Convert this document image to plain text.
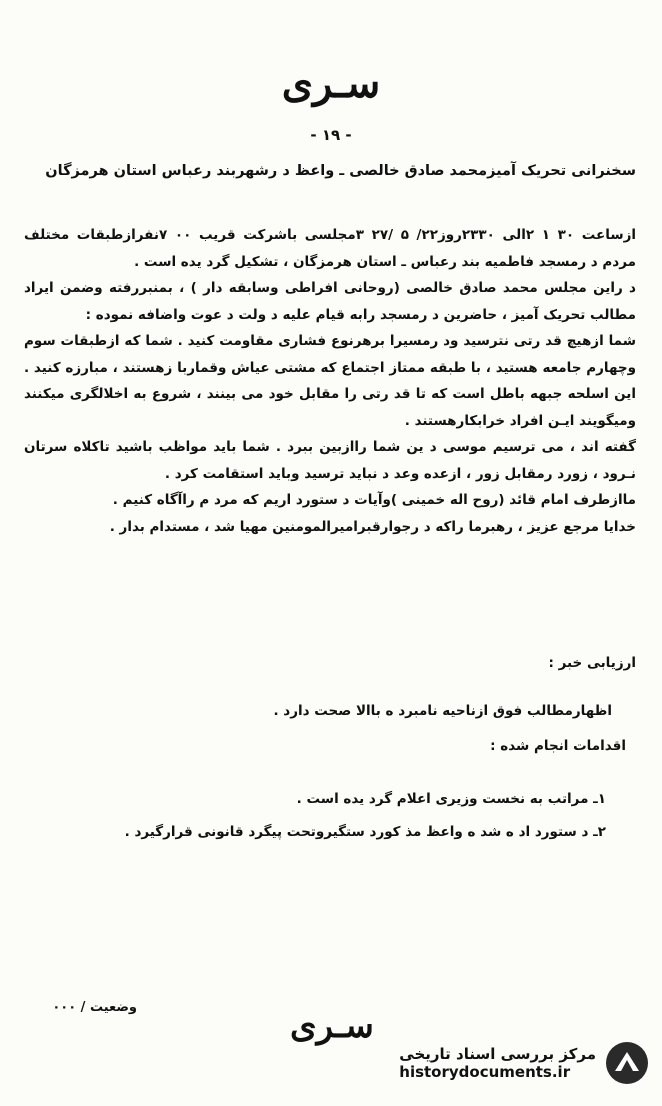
سـری
- ۱۹ -
سخنرانی تحریک آمیزمحمد صادق خالصی ـ واعظ د رشهربند رعباس استان هرمزگان

ازساعت ۳۰ ۱ ۲الی ۲۳۳۰روز۲۲/ ۵ /۲۷ ۳مجلسی باشرکت قریب ۰۰ ۷نفرازطبقات مختلف مردم د رمسجد فاطمیه بند رعباس ـ استان هرمزگان ، تشکیل گرد یده است .

د راین مجلس محمد صادق خالصی (روحانی افراطی وسابقه دار ) ، بمنبررفته وضمن ایراد مطالب تحریک آمیز ، حاضرین د رمسجد رابه قیام علیه د ولت د عوت واضافه نموده :

شما ازهیچ قد رتی نترسید ود رمسیرا برهرنوع فشاری مقاومت کنید . شما که ازطبقات سوم وچهارم جامعه هستید ، با طبقه ممتاز اجتماع که مشتی عیاش وقماربا زهستند ، مبارزه کنید . این اسلحه جبهه باطل است که تا قد رتی را مقابل خود می بینند ، شروع به اخلالگری میکنند ومیگویند ایـن افراد خرابکارهستند .

گفته اند ، می ترسیم موسی د ین شما راازبین ببرد . شما باید مواظب باشید تاکلاه سرتان نـرود ، زورد رمقابل زور ، ازعده وعد د نباید ترسید وباید استقامت کرد .

ماازطرف امام قائد (روح اله خمینی )وآیات د ستورد اریم که مرد م راآگاه کنیم .

خدایا مرجع عزیز ، رهبرما راکه د رجوارقبرامیرالمومنین مهیا شد ، مستدام بدار .

ارزیابی خبر :
اظهارمطالب فوق ازناحیه نامبرد ه باالا صحت دارد .
اقدامات انجام شده :
۱ـ مراتب به نخست وزیری اعلام گرد یده است .
۲ـ د ستورد اد ه شد ه واعظ مذ کورد ستگیروتحت پیگرد قانونی قرارگیرد .
وضعیت / ۰۰۰	سـری
مرکز بررسی اسناد تاریخی
historydocuments.ir
